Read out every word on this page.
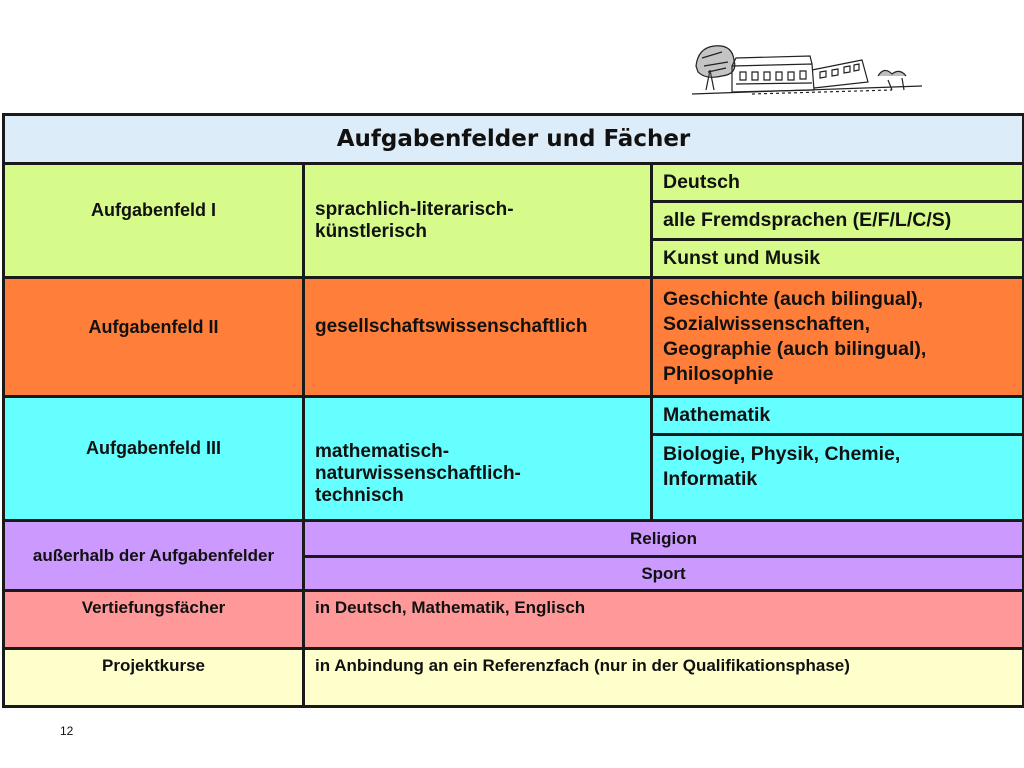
Aufgabenfelder und Fächer		
Aufgabenfeld I	sprachlich-literarisch-künstlerisch	Deutsch
		alle Fremdsprachen (E/F/L/C/S)
		Kunst und Musik
Aufgabenfeld II	gesellschaftswissenschaftlich	Geschichte (auch bilingual), Sozialwissenschaften, Geographie (auch bilingual), Philosophie
Aufgabenfeld III	mathematisch-naturwissenschaftlich-technisch	Mathematik
		Biologie, Physik, Chemie, Informatik
außerhalb der Aufgabenfelder	Religion	
	Sport	
Vertiefungsfächer	in Deutsch, Mathematik, Englisch	
Projektkurse	in Anbindung an ein Referenzfach (nur in der Qualifikationsphase)	
12
